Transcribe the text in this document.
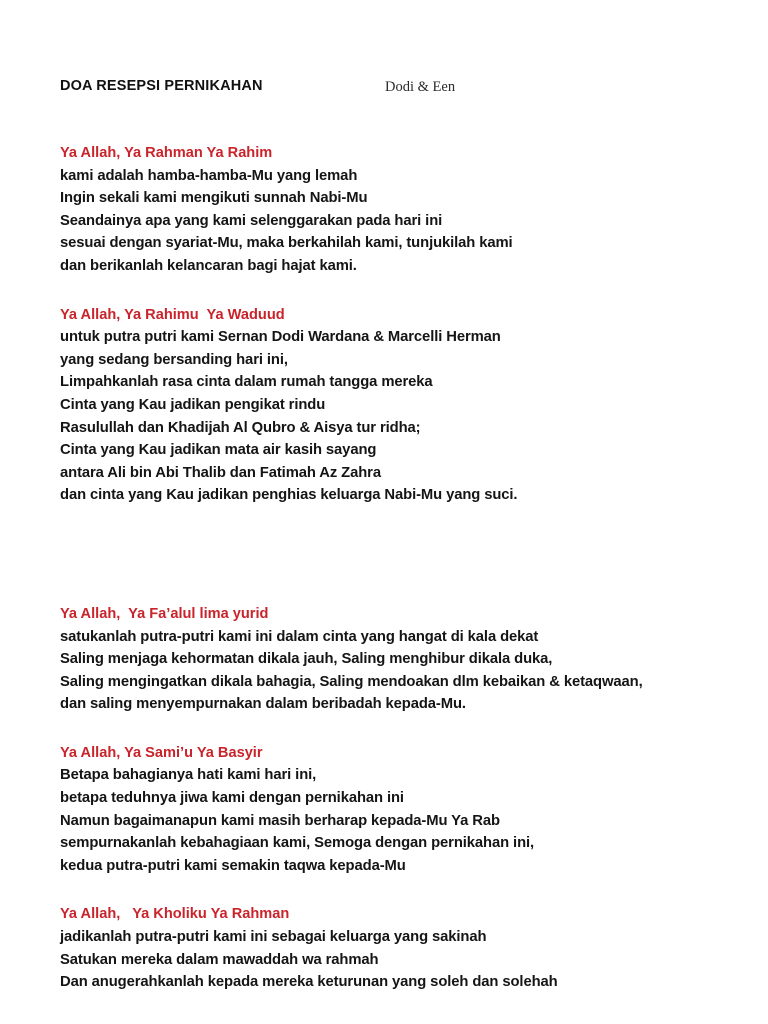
DOA RESEPSI PERNIKAHAN	Dodi & Een
Ya Allah, Ya Rahman Ya Rahim
kami adalah hamba-hamba-Mu yang lemah
Ingin sekali kami mengikuti sunnah Nabi-Mu
Seandainya apa yang kami selenggarakan pada hari ini
sesuai dengan syariat-Mu, maka berkahilah kami, tunjukilah kami
dan berikanlah kelancaran bagi hajat kami.
Ya Allah, Ya Rahimu  Ya Waduud
untuk putra putri kami Sernan Dodi Wardana & Marcelli Herman
yang sedang bersanding hari ini,
Limpahkanlah rasa cinta dalam rumah tangga mereka
Cinta yang Kau jadikan pengikat rindu
Rasulullah dan Khadijah Al Qubro & Aisya tur ridha;
Cinta yang Kau jadikan mata air kasih sayang
antara Ali bin Abi Thalib dan Fatimah Az Zahra
dan cinta yang Kau jadikan penghias keluarga Nabi-Mu yang suci.
Ya Allah,  Ya Fa’alul lima yurid
satukanlah putra-putri kami ini dalam cinta yang hangat di kala dekat
Saling menjaga kehormatan dikala jauh, Saling menghibur dikala duka,
Saling mengingatkan dikala bahagia, Saling mendoakan dlm kebaikan & ketaqwaan,
dan saling menyempurnakan dalam beribadah kepada-Mu.
Ya Allah, Ya Sami’u Ya Basyir
Betapa bahagianya hati kami hari ini,
betapa teduhnya jiwa kami dengan pernikahan ini
Namun bagaimanapun kami masih berharap kepada-Mu Ya Rab
sempurnakanlah kebahagiaan kami, Semoga dengan pernikahan ini,
kedua putra-putri kami semakin taqwa kepada-Mu
Ya Allah,   Ya Kholiku Ya Rahman
jadikanlah putra-putri kami ini sebagai keluarga yang sakinah
Satukan mereka dalam mawaddah wa rahmah
Dan anugerahkanlah kepada mereka keturunan yang soleh dan solehah
